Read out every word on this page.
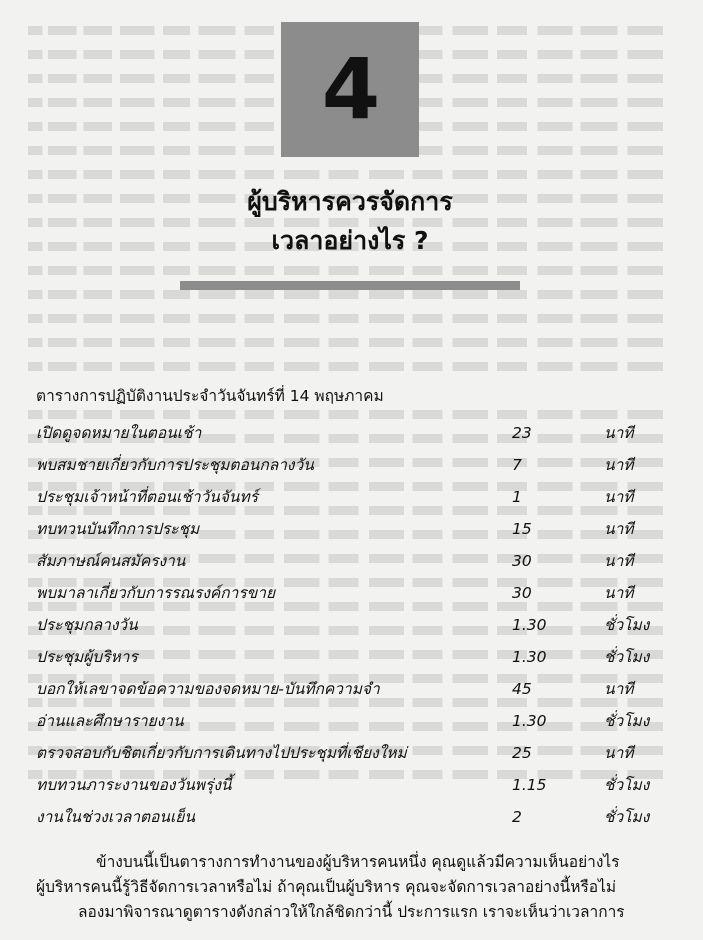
4
ผู้บริหารควรจัดการ
เวลาอย่างไร ?
ตารางการปฏิบัติงานประจำวันจันทร์ที่ 14 พฤษภาคม
เปิดดูจดหมายในตอนเช้า	23	นาที
พบสมชายเกี่ยวกับการประชุมตอนกลางวัน	7	นาที
ประชุมเจ้าหน้าที่ตอนเช้าวันจันทร์	1	นาที
ทบทวนบันทึกการประชุม	15	นาที
สัมภาษณ์คนสมัครงาน	30	นาที
พบมาลาเกี่ยวกับการรณรงค์การขาย	30	นาที
ประชุมกลางวัน	1.30	ชั่วโมง
ประชุมผู้บริหาร	1.30	ชั่วโมง
บอกให้เลขาจดข้อความของจดหมาย-บันทึกความจำ	45	นาที
อ่านและศึกษารายงาน	1.30	ชั่วโมง
ตรวจสอบกับชิตเกี่ยวกับการเดินทางไปประชุมที่เชียงใหม่	25	นาที
ทบทวนภาระงานของวันพรุ่งนี้	1.15	ชั่วโมง
งานในช่วงเวลาตอนเย็น	2	ชั่วโมง

ข้างบนนี้เป็นตารางการทำงานของผู้บริหารคนหนึ่ง คุณดูแล้วมีความเห็นอย่างไร

ผู้บริหารคนนี้รู้วิธีจัดการเวลาหรือไม่ ถ้าคุณเป็นผู้บริหาร คุณจะจัดการเวลาอย่างนี้หรือไม่

ลองมาพิจารณาดูตารางดังกล่าวให้ใกล้ชิดกว่านี้ ประการแรก เราจะเห็นว่าเวลาการ
